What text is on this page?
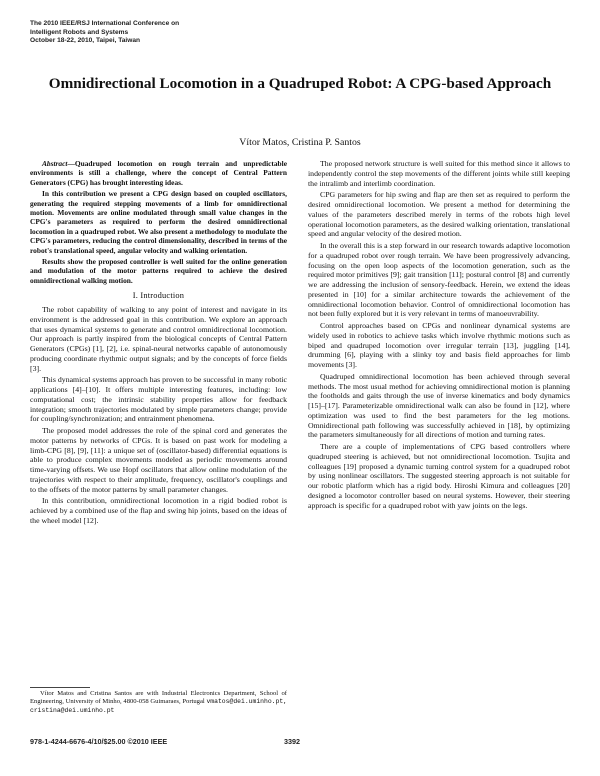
The 2010 IEEE/RSJ International Conference on
Intelligent Robots and Systems
October 18-22, 2010, Taipei, Taiwan
Omnidirectional Locomotion in a Quadruped Robot: A CPG-based Approach
Vítor Matos, Cristina P. Santos

Abstract—Quadruped locomotion on rough terrain and unpredictable environments is still a challenge, where the concept of Central Pattern Generators (CPG) has brought interesting ideas.

In this contribution we present a CPG design based on coupled oscillators, generating the required stepping movements of a limb for omnidirectional motion. Movements are online modulated through small value changes in the CPG's parameters as required to perform the desired omnidirectional locomotion in a quadruped robot. We also present a methodology to modulate the CPG's parameters, reducing the control dimensionality, described in terms of the robot's translational speed, angular velocity and walking orientation.

Results show the proposed controller is well suited for the online generation and modulation of the motor patterns required to achieve the desired omnidirectional walking motion.

I. Introduction

The robot capability of walking to any point of interest and navigate in its environment is the addressed goal in this contribution. We explore an approach that uses dynamical systems to generate and control omnidirectional locomotion. Our approach is partly inspired from the biological concepts of Central Pattern Generators (CPGs) [1], [2], i.e. spinal-neural networks capable of autonomously producing coordinate rhythmic output signals; and by the concepts of force fields [3].

This dynamical systems approach has proven to be successful in many robotic applications [4]–[10]. It offers multiple interesting features, including: low computational cost; the intrinsic stability properties allow for feedback integration; smooth trajectories modulated by simple parameters change; provide for coupling/synchronization; and entrainment phenomena.

The proposed model addresses the role of the spinal cord and generates the motor patterns by networks of CPGs. It is based on past work for modeling a limb-CPG [8], [9], [11]: a unique set of (oscillator-based) differential equations is able to produce complex movements modeled as periodic movements around time-varying offsets. We use Hopf oscillators that allow online modulation of the trajectories with respect to their amplitude, frequency, oscillator's couplings and to the offsets of the motor patterns by small parameter changes.

In this contribution, omnidirectional locomotion in a rigid bodied robot is achieved by a combined use of the flap and swing hip joints, based on the ideas of the wheel model [12].

Vítor Matos and Cristina Santos are with Industrial Electronics Department, School of Engineering, University of Minho, 4800-058 Guimaraes, Portugal vmatos@dei.uminho.pt, cristina@dei.uminho.pt

The proposed network structure is well suited for this method since it allows to independently control the step movements of the different joints while still keeping the intralimb and interlimb coordination.

CPG parameters for hip swing and flap are then set as required to perform the desired omnidirectional locomotion. We present a method for determining the values of the parameters described merely in terms of the robots high level operational locomotion parameters, as the desired walking orientation, translational speed and angular velocity of the desired motion.

In the overall this is a step forward in our research towards adaptive locomotion for a quadruped robot over rough terrain. We have been progressively advancing, focusing on the open loop aspects of the locomotion generation, such as the required motor primitives [9]; gait transition [11]; postural control [8] and currently we are addressing the inclusion of sensory-feedback. Herein, we extend the ideas presented in [10] for a similar architecture towards the achievement of the omnidirectional locomotion behavior. Control of omnidirectional locomotion has not been fully explored but it is very relevant in terms of manoeuvrability.

Control approaches based on CPGs and nonlinear dynamical systems are widely used in robotics to achieve tasks which involve rhythmic motions such as biped and quadruped locomotion over irregular terrain [13], juggling [14], drumming [6], playing with a slinky toy and basis field approaches for limb movements [3].

Quadruped omnidirectional locomotion has been achieved through several methods. The most usual method for achieving omnidirectional motion is planning the footholds and gaits through the use of inverse kinematics and body dynamics [15]–[17]. Parameterizable omnidirectional walk can also be found in [12], where optimization was used to find the best parameters for the leg motions. Omnidirectional path following was successfully achieved in [18], by optimizing the parameters simultaneously for all directions of motion and turning rates.

There are a couple of implementations of CPG based controllers where quadruped steering is achieved, but not omnidirectional locomotion. Tsujita and colleagues [19] proposed a dynamic turning control system for a quadruped robot by using nonlinear oscillators. The suggested steering approach is not suitable for our robotic platform which has a rigid body. Hiroshi Kimura and colleagues [20] designed a locomotor controller based on neural systems. However, their steering approach is specific for a quadruped robot with yaw joints on the legs.

978-1-4244-6676-4/10/$25.00 ©2010 IEEE	3392
